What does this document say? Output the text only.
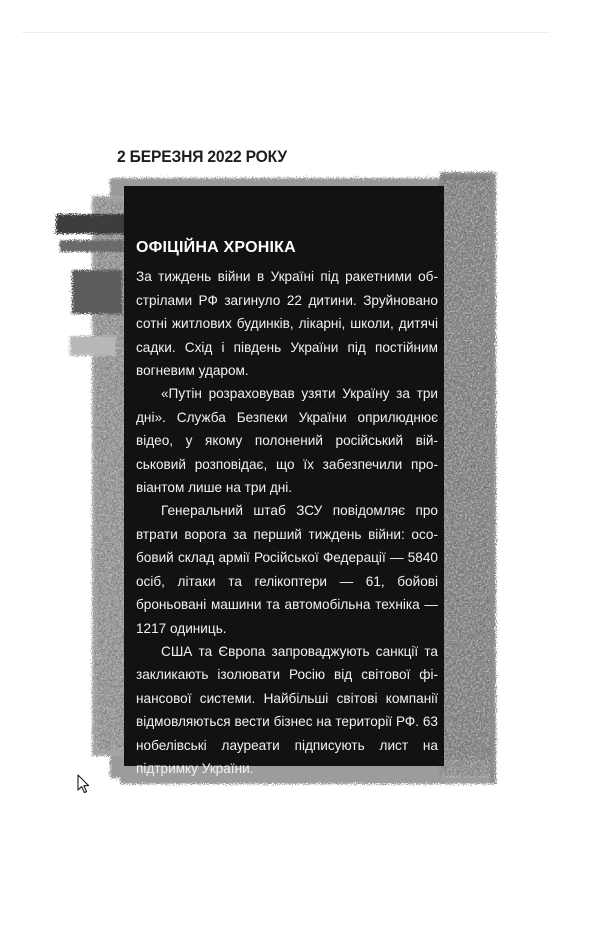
2 БЕРЕЗНЯ 2022 РОКУ
ОФІЦІЙНА ХРОНІКА

За тиждень війни в Україні під ракетними обстрілами РФ загинуло 22 дитини. Зруйновано сотні житлових будинків, лікарні, школи, дитячі садки. Схід і південь України під постійним вогневим ударом.

«Путін розраховував узяти Україну за три дні». Служба Безпеки України оприлюднює відео, у якому полонений російський військовий розповідає, що їх забезпечили провіантом лише на три дні.

Генеральний штаб ЗСУ повідомляє про втрати ворога за перший тиждень війни: особовий склад армії Російської Федерації — 5840 осіб, літаки та гелікоптери — 61, бойові броньовані машини та автомобільна техніка — 1217 одиниць.

США та Європа запроваджують санкції та закликають ізолювати Росію від світової фінансової системи. Найбільші світові компанії відмовляються вести бізнес на території РФ. 63 нобелівські лауреати підписують лист на підтримку України.
